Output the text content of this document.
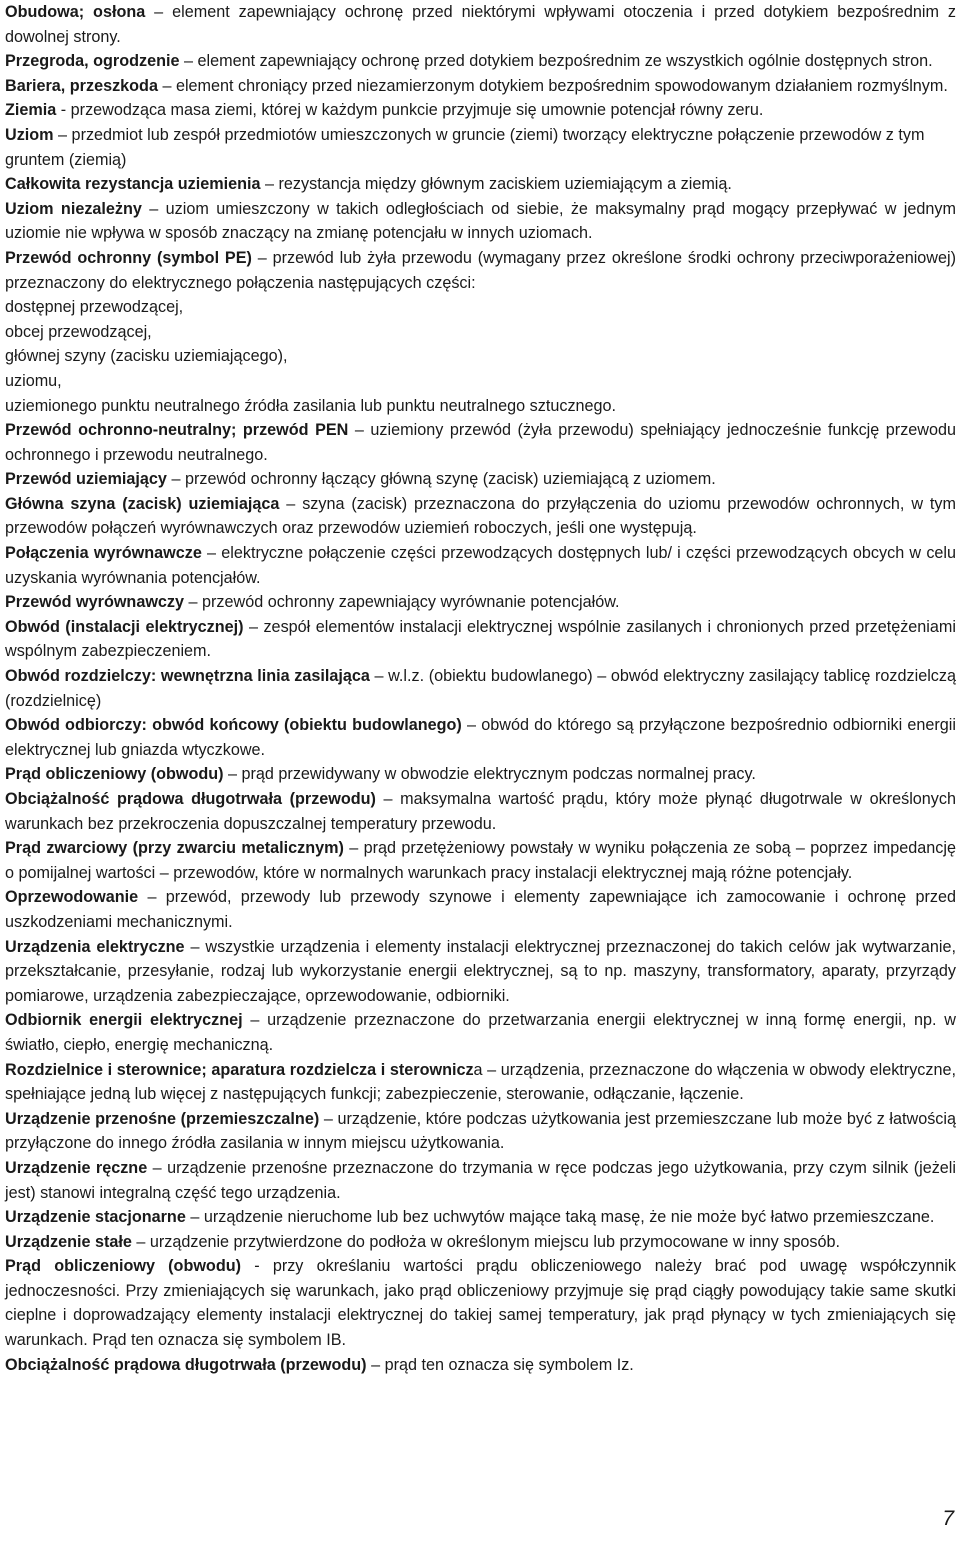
Obudowa; osłona – element zapewniający ochronę przed niektórymi wpływami otoczenia i przed dotykiem bezpośrednim z dowolnej strony.

Przegroda, ogrodzenie – element zapewniający ochronę przed dotykiem bezpośrednim ze wszystkich ogólnie dostępnych stron.

Bariera, przeszkoda – element chroniący przed niezamierzonym dotykiem bezpośrednim spowodowanym działaniem rozmyślnym.

Ziemia - przewodząca masa ziemi, której w każdym punkcie przyjmuje się umownie potencjał równy zeru.

Uziom – przedmiot lub zespół przedmiotów umieszczonych w gruncie (ziemi) tworzący elektryczne połączenie przewodów z tym gruntem (ziemią)

Całkowita rezystancja uziemienia – rezystancja między głównym zaciskiem uziemiającym a ziemią.

Uziom niezależny – uziom umieszczony w takich odległościach od siebie, że maksymalny prąd mogący przepływać w jednym uziomie nie wpływa w sposób znaczący na zmianę potencjału w innych uziomach.

Przewód ochronny (symbol PE) – przewód lub żyła przewodu (wymagany przez określone środki ochrony przeciwporażeniowej) przeznaczony do elektrycznego połączenia następujących części:

dostępnej przewodzącej,

obcej przewodzącej,

głównej szyny (zacisku uziemiającego),

uziomu,

uziemionego punktu neutralnego źródła zasilania lub punktu neutralnego sztucznego.

Przewód ochronno-neutralny; przewód PEN – uziemiony przewód (żyła przewodu) spełniający jednocześnie funkcję przewodu ochronnego i przewodu neutralnego.

Przewód uziemiający – przewód ochronny łączący główną szynę (zacisk) uziemiającą z uziomem.

Główna szyna (zacisk) uziemiająca – szyna (zacisk) przeznaczona do przyłączenia do uziomu przewodów ochronnych, w tym przewodów połączeń wyrównawczych oraz przewodów uziemień roboczych, jeśli one występują.

Połączenia wyrównawcze – elektryczne połączenie części przewodzących dostępnych lub/ i części przewodzących obcych w celu uzyskania wyrównania potencjałów.

Przewód wyrównawczy – przewód ochronny zapewniający wyrównanie potencjałów.

Obwód (instalacji elektrycznej) – zespół elementów instalacji elektrycznej wspólnie zasilanych i chronionych przed przetężeniami wspólnym zabezpieczeniem.

Obwód rozdzielczy: wewnętrzna linia zasilająca – w.l.z. (obiektu budowlanego) – obwód elektryczny zasilający tablicę rozdzielczą (rozdzielnicę)

Obwód odbiorczy: obwód końcowy (obiektu budowlanego) – obwód do którego są przyłączone bezpośrednio odbiorniki energii elektrycznej lub gniazda wtyczkowe.

Prąd obliczeniowy (obwodu) – prąd przewidywany w obwodzie elektrycznym podczas normalnej pracy.

Obciążalność prądowa długotrwała (przewodu) – maksymalna wartość prądu, który może płynąć długotrwale w określonych warunkach bez przekroczenia dopuszczalnej temperatury przewodu.

Prąd zwarciowy (przy zwarciu metalicznym) – prąd przetężeniowy powstały w wyniku połączenia ze sobą – poprzez impedancję o pomijalnej wartości – przewodów, które w normalnych warunkach pracy instalacji elektrycznej mają różne potencjały.

Oprzewodowanie – przewód, przewody lub przewody szynowe i elementy zapewniające ich zamocowanie i ochronę przed uszkodzeniami mechanicznymi.

Urządzenia elektryczne – wszystkie urządzenia i elementy instalacji elektrycznej przeznaczonej do takich celów jak wytwarzanie, przekształcanie, przesyłanie, rodzaj lub wykorzystanie energii elektrycznej, są to np. maszyny, transformatory, aparaty, przyrządy pomiarowe, urządzenia zabezpieczające, oprzewodowanie, odbiorniki.

Odbiornik energii elektrycznej – urządzenie przeznaczone do przetwarzania energii elektrycznej w inną formę energii, np. w światło, ciepło, energię mechaniczną.

Rozdzielnice i sterownice; aparatura rozdzielcza i sterownicza – urządzenia, przeznaczone do włączenia w obwody elektryczne, spełniające jedną lub więcej z następujących funkcji; zabezpieczenie, sterowanie, odłączanie, łączenie.

Urządzenie przenośne (przemieszczalne) – urządzenie, które podczas użytkowania jest przemieszczane lub może być z łatwością przyłączone do innego źródła zasilania w innym miejscu użytkowania.

Urządzenie ręczne – urządzenie przenośne przeznaczone do trzymania w ręce podczas jego użytkowania, przy czym silnik (jeżeli jest) stanowi integralną część tego urządzenia.

Urządzenie stacjonarne – urządzenie nieruchome lub bez uchwytów mające taką masę, że nie może być łatwo przemieszczane.

Urządzenie stałe – urządzenie przytwierdzone do podłoża w określonym miejscu lub przymocowane w inny sposób.

Prąd obliczeniowy (obwodu) - przy określaniu wartości prądu obliczeniowego należy brać pod uwagę współczynnik jednoczesności. Przy zmieniających się warunkach, jako prąd obliczeniowy przyjmuje się prąd ciągły powodujący takie same skutki cieplne i doprowadzający elementy instalacji elektrycznej do takiej samej temperatury, jak prąd płynący w tych zmieniających się warunkach. Prąd ten oznacza się symbolem IB.

Obciążalność prądowa długotrwała (przewodu) – prąd ten oznacza się symbolem Iz.

7
